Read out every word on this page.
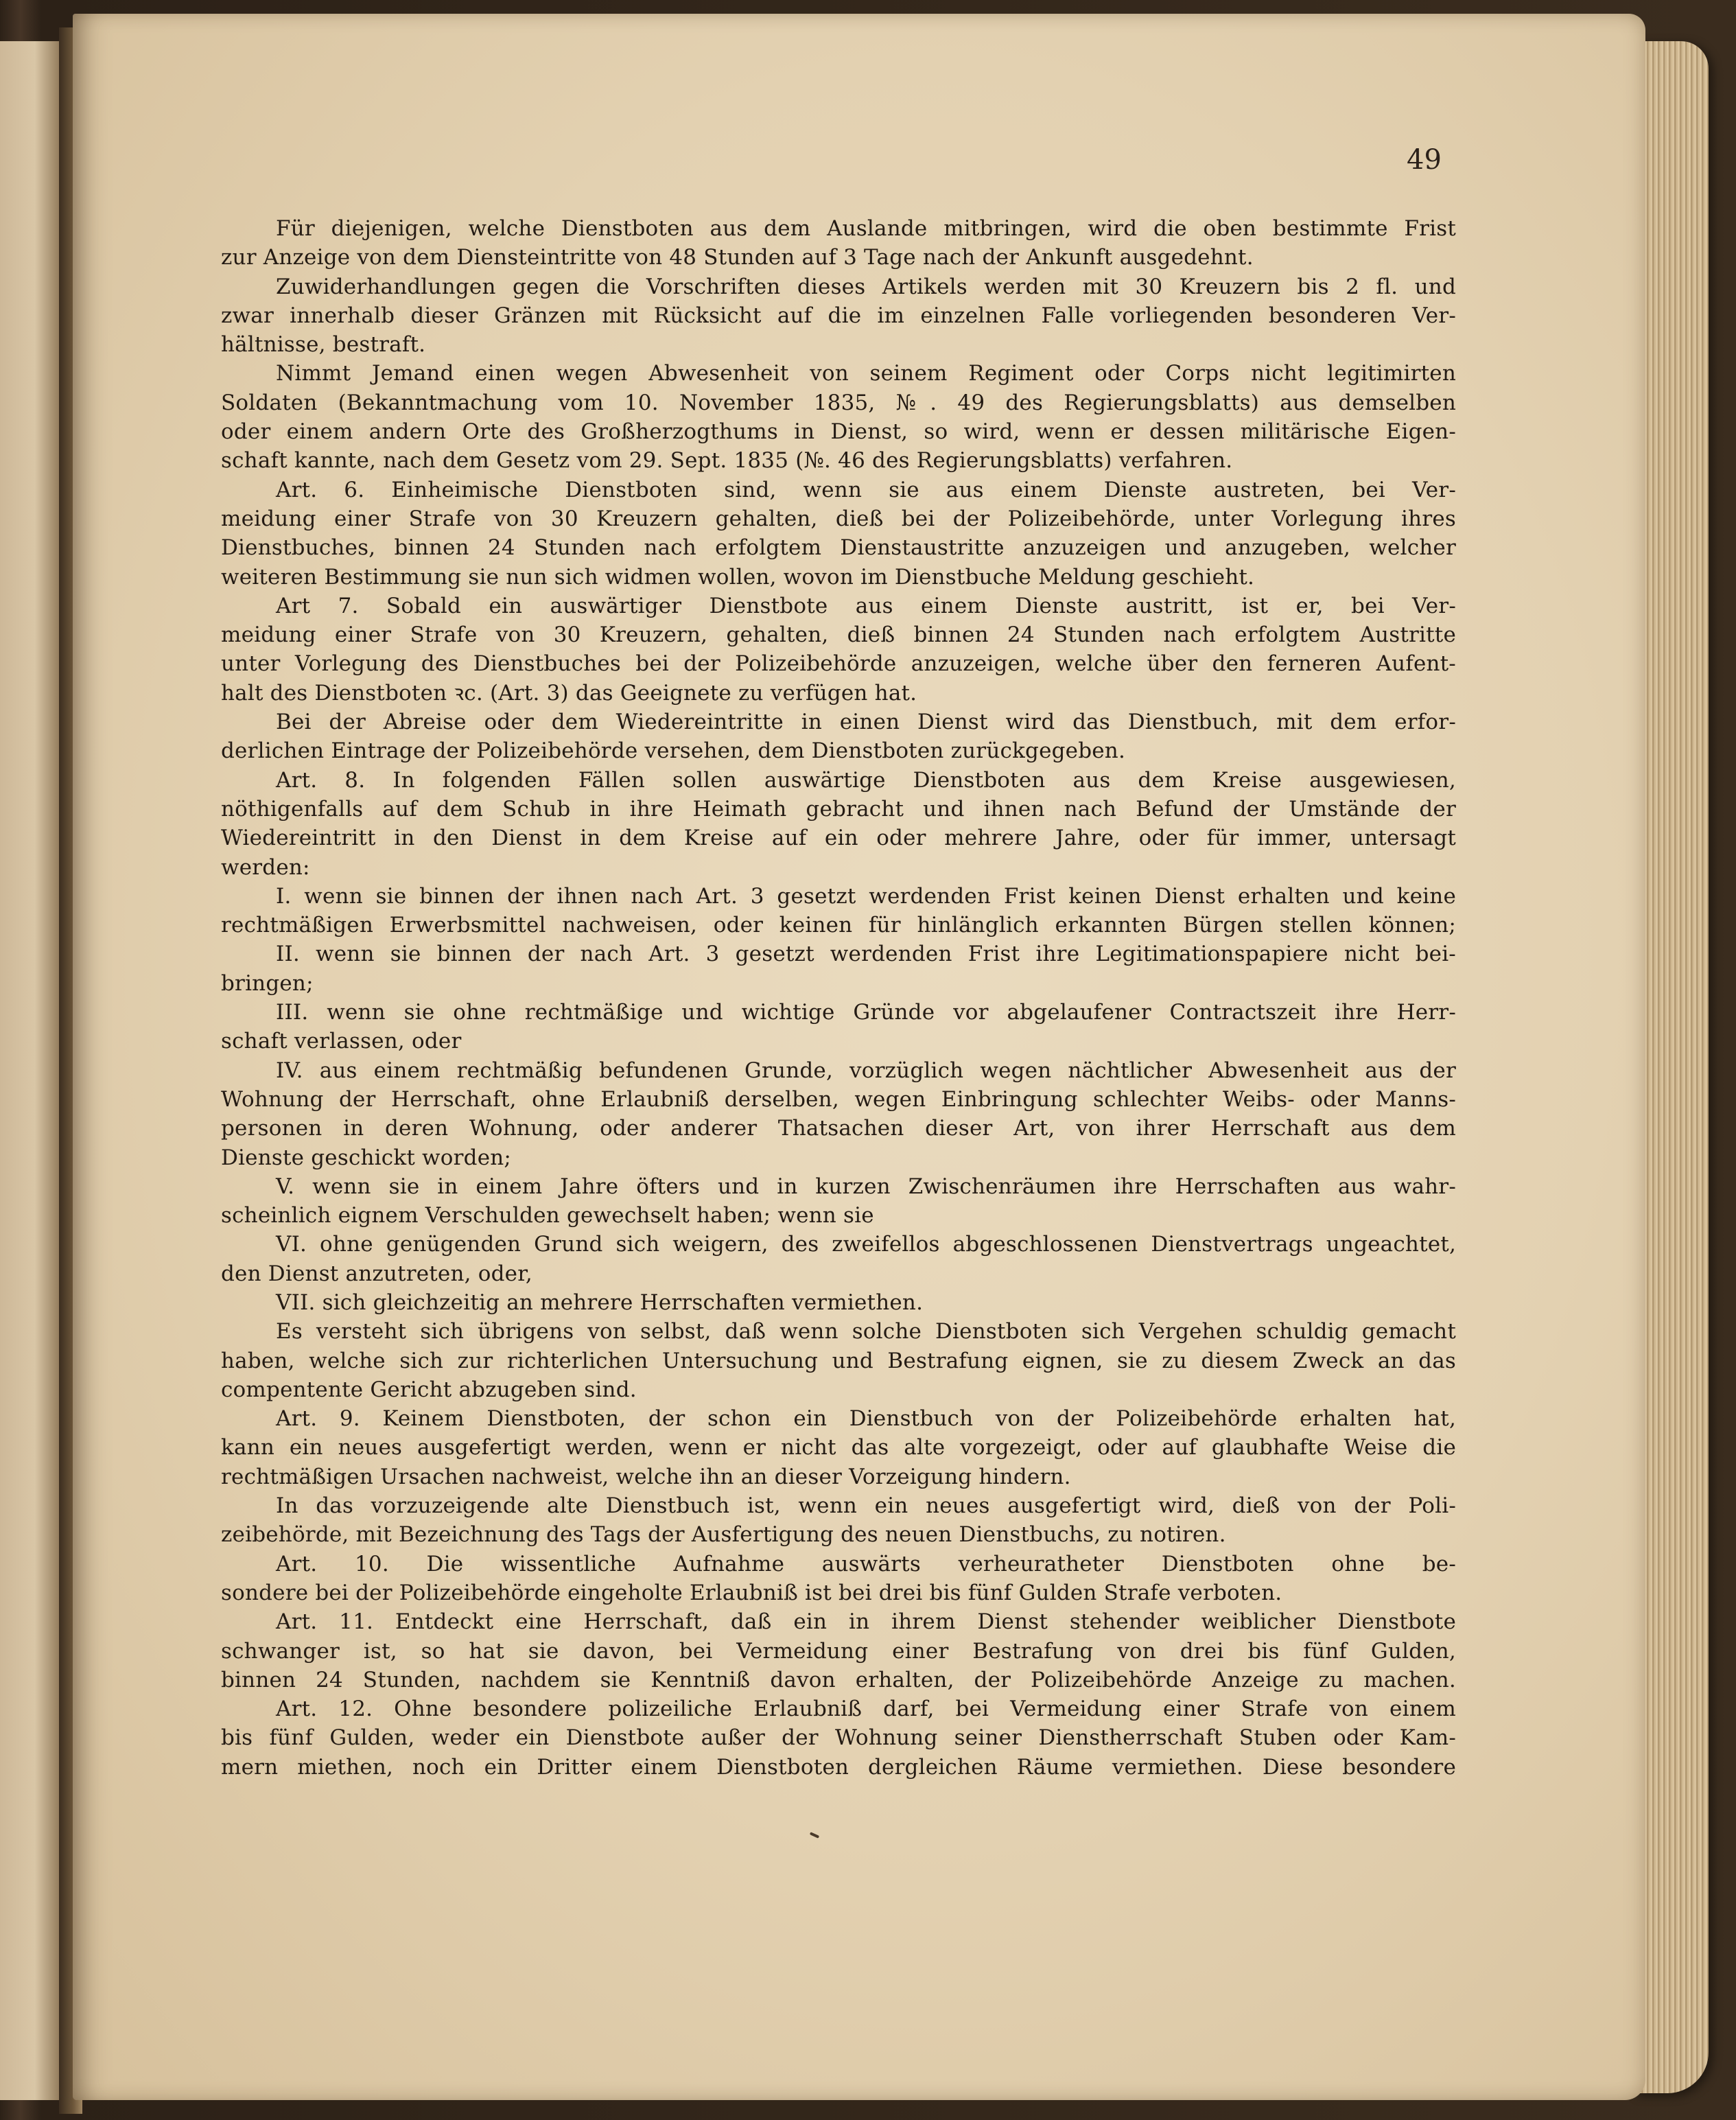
49
Für diejenigen, welche Dienstboten aus dem Auslande mitbringen, wird die oben bestimmte Frist
zur Anzeige von dem Diensteintritte von 48 Stunden auf 3 Tage nach der Ankunft ausgedehnt.
Zuwiderhandlungen gegen die Vorschriften dieses Artikels werden mit 30 Kreuzern bis 2 fl. und
zwar innerhalb dieser Gränzen mit Rücksicht auf die im einzelnen Falle vorliegenden besonderen Ver-
hältnisse, bestraft.
Nimmt Jemand einen wegen Abwesenheit von seinem Regiment oder Corps nicht legitimirten
Soldaten (Bekanntmachung vom 10. November 1835, №. 49 des Regierungsblatts) aus demselben
oder einem andern Orte des Großherzogthums in Dienst, so wird, wenn er dessen militärische Eigen-
schaft kannte, nach dem Gesetz vom 29. Sept. 1835 (№. 46 des Regierungsblatts) verfahren.
Art. 6. Einheimische Dienstboten sind, wenn sie aus einem Dienste austreten, bei Ver-
meidung einer Strafe von 30 Kreuzern gehalten, dieß bei der Polizeibehörde, unter Vorlegung ihres
Dienstbuches, binnen 24 Stunden nach erfolgtem Dienstaustritte anzuzeigen und anzugeben, welcher
weiteren Bestimmung sie nun sich widmen wollen, wovon im Dienstbuche Meldung geschieht.
Art 7. Sobald ein auswärtiger Dienstbote aus einem Dienste austritt, ist er, bei Ver-
meidung einer Strafe von 30 Kreuzern, gehalten, dieß binnen 24 Stunden nach erfolgtem Austritte
unter Vorlegung des Dienstbuches bei der Polizeibehörde anzuzeigen, welche über den ferneren Aufent-
halt des Dienstboten ꝛc. (Art. 3) das Geeignete zu verfügen hat.
Bei der Abreise oder dem Wiedereintritte in einen Dienst wird das Dienstbuch, mit dem erfor-
derlichen Eintrage der Polizeibehörde versehen, dem Dienstboten zurückgegeben.
Art. 8. In folgenden Fällen sollen auswärtige Dienstboten aus dem Kreise ausgewiesen,
nöthigenfalls auf dem Schub in ihre Heimath gebracht und ihnen nach Befund der Umstände der
Wiedereintritt in den Dienst in dem Kreise auf ein oder mehrere Jahre, oder für immer, untersagt
werden:
I. wenn sie binnen der ihnen nach Art. 3 gesetzt werdenden Frist keinen Dienst erhalten und keine
rechtmäßigen Erwerbsmittel nachweisen, oder keinen für hinlänglich erkannten Bürgen stellen können;
II. wenn sie binnen der nach Art. 3 gesetzt werdenden Frist ihre Legitimationspapiere nicht bei-
bringen;
III. wenn sie ohne rechtmäßige und wichtige Gründe vor abgelaufener Contractszeit ihre Herr-
schaft verlassen, oder
IV. aus einem rechtmäßig befundenen Grunde, vorzüglich wegen nächtlicher Abwesenheit aus der
Wohnung der Herrschaft, ohne Erlaubniß derselben, wegen Einbringung schlechter Weibs- oder Manns-
personen in deren Wohnung, oder anderer Thatsachen dieser Art, von ihrer Herrschaft aus dem
Dienste geschickt worden;
V. wenn sie in einem Jahre öfters und in kurzen Zwischenräumen ihre Herrschaften aus wahr-
scheinlich eignem Verschulden gewechselt haben; wenn sie
VI. ohne genügenden Grund sich weigern, des zweifellos abgeschlossenen Dienstvertrags ungeachtet,
den Dienst anzutreten, oder,
VII. sich gleichzeitig an mehrere Herrschaften vermiethen.
Es versteht sich übrigens von selbst, daß wenn solche Dienstboten sich Vergehen schuldig gemacht
haben, welche sich zur richterlichen Untersuchung und Bestrafung eignen, sie zu diesem Zweck an das
compentente Gericht abzugeben sind.
Art. 9. Keinem Dienstboten, der schon ein Dienstbuch von der Polizeibehörde erhalten hat,
kann ein neues ausgefertigt werden, wenn er nicht das alte vorgezeigt, oder auf glaubhafte Weise die
rechtmäßigen Ursachen nachweist, welche ihn an dieser Vorzeigung hindern.
In das vorzuzeigende alte Dienstbuch ist, wenn ein neues ausgefertigt wird, dieß von der Poli-
zeibehörde, mit Bezeichnung des Tags der Ausfertigung des neuen Dienstbuchs, zu notiren.
Art. 10. Die wissentliche Aufnahme auswärts verheuratheter Dienstboten ohne be-
sondere bei der Polizeibehörde eingeholte Erlaubniß ist bei drei bis fünf Gulden Strafe verboten.
Art. 11. Entdeckt eine Herrschaft, daß ein in ihrem Dienst stehender weiblicher Dienstbote
schwanger ist, so hat sie davon, bei Vermeidung einer Bestrafung von drei bis fünf Gulden,
binnen 24 Stunden, nachdem sie Kenntniß davon erhalten, der Polizeibehörde Anzeige zu machen.
Art. 12. Ohne besondere polizeiliche Erlaubniß darf, bei Vermeidung einer Strafe von einem
bis fünf Gulden, weder ein Dienstbote außer der Wohnung seiner Dienstherrschaft Stuben oder Kam-
mern miethen, noch ein Dritter einem Dienstboten dergleichen Räume vermiethen. Diese besondere
